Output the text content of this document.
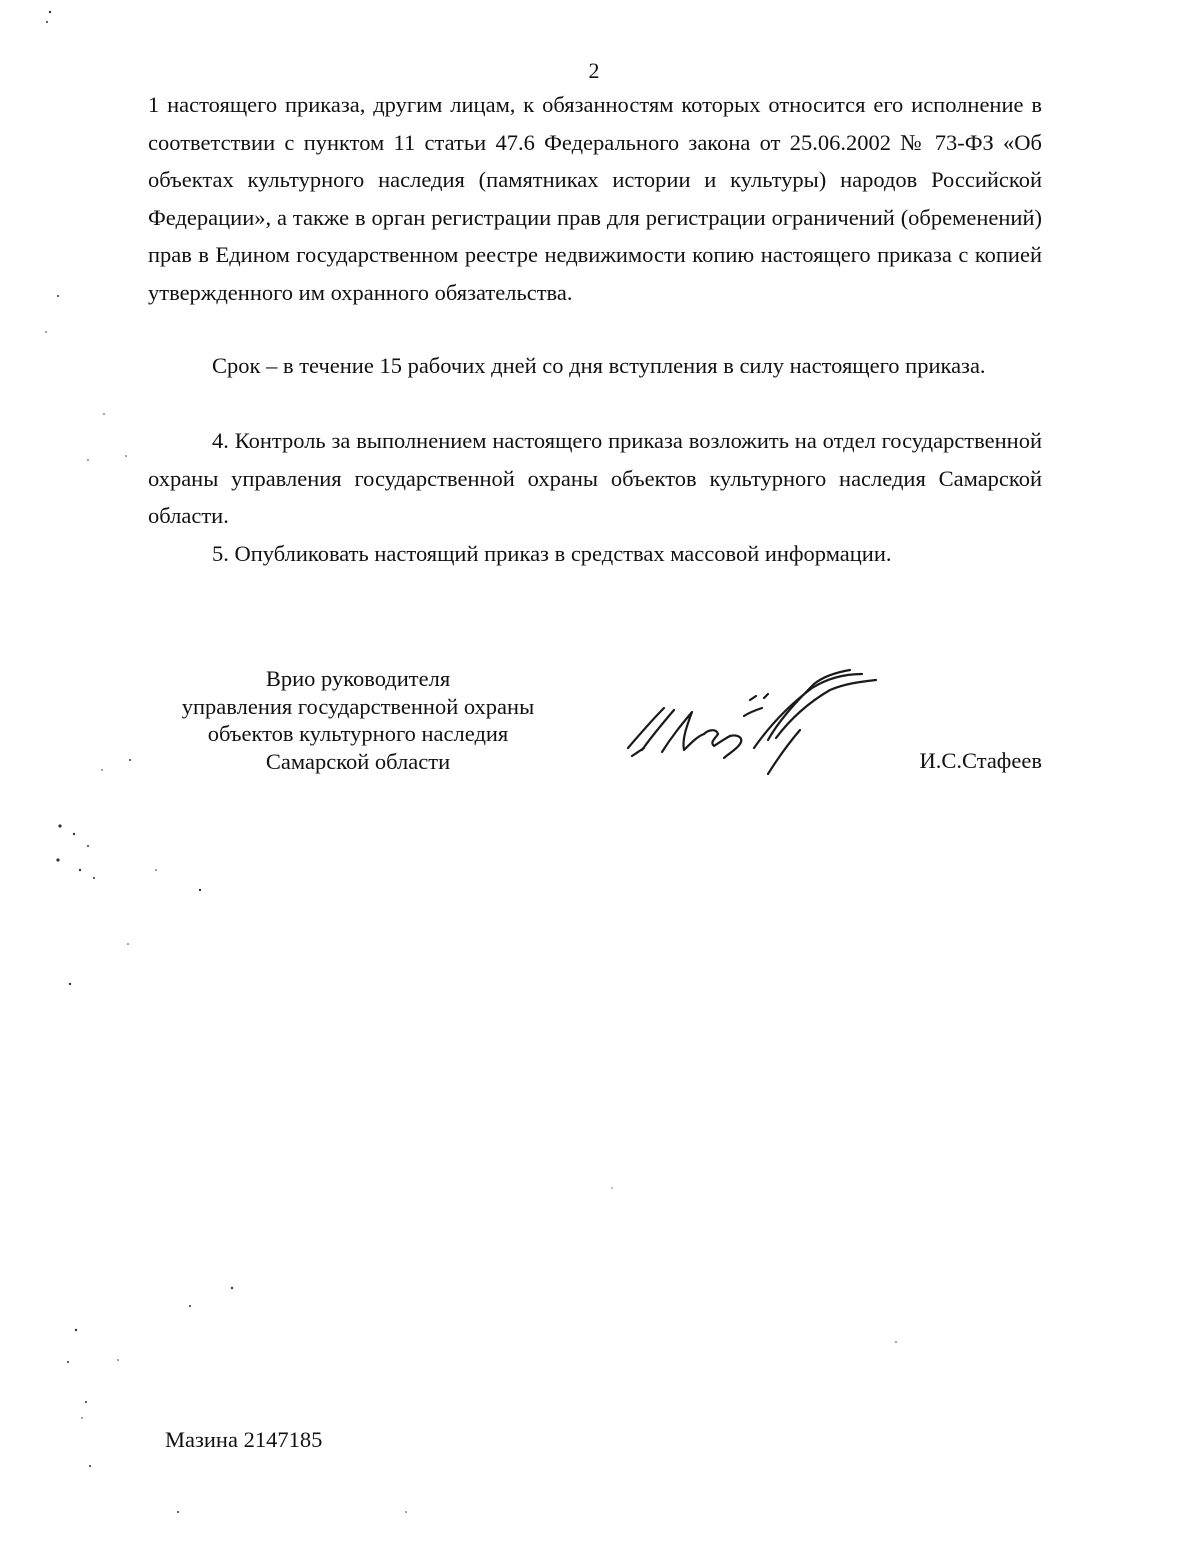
2

1 настоящего приказа, другим лицам, к обязанностям которых относится его исполнение в соответствии с пунктом 11 статьи 47.6 Федерального закона от 25.06.2002 № 73-ФЗ «Об объектах культурного наследия (памятниках истории и культуры) народов Российской Федерации», а также в орган регистрации прав для регистрации ограничений (обременений) прав в Едином государственном реестре недвижимости копию настоящего приказа с копией утвержденного им охранного обязательства.

Срок – в течение 15 рабочих дней со дня вступления в силу настоящего приказа.

4. Контроль за выполнением настоящего приказа возложить на отдел государственной охраны управления государственной охраны объектов культурного наследия Самарской области.

5. Опубликовать настоящий приказ в средствах массовой информации.

Врио руководителя
управления государственной охраны
объектов культурного наследия
Самарской области	И.С.Стафеев
Мазина 2147185
